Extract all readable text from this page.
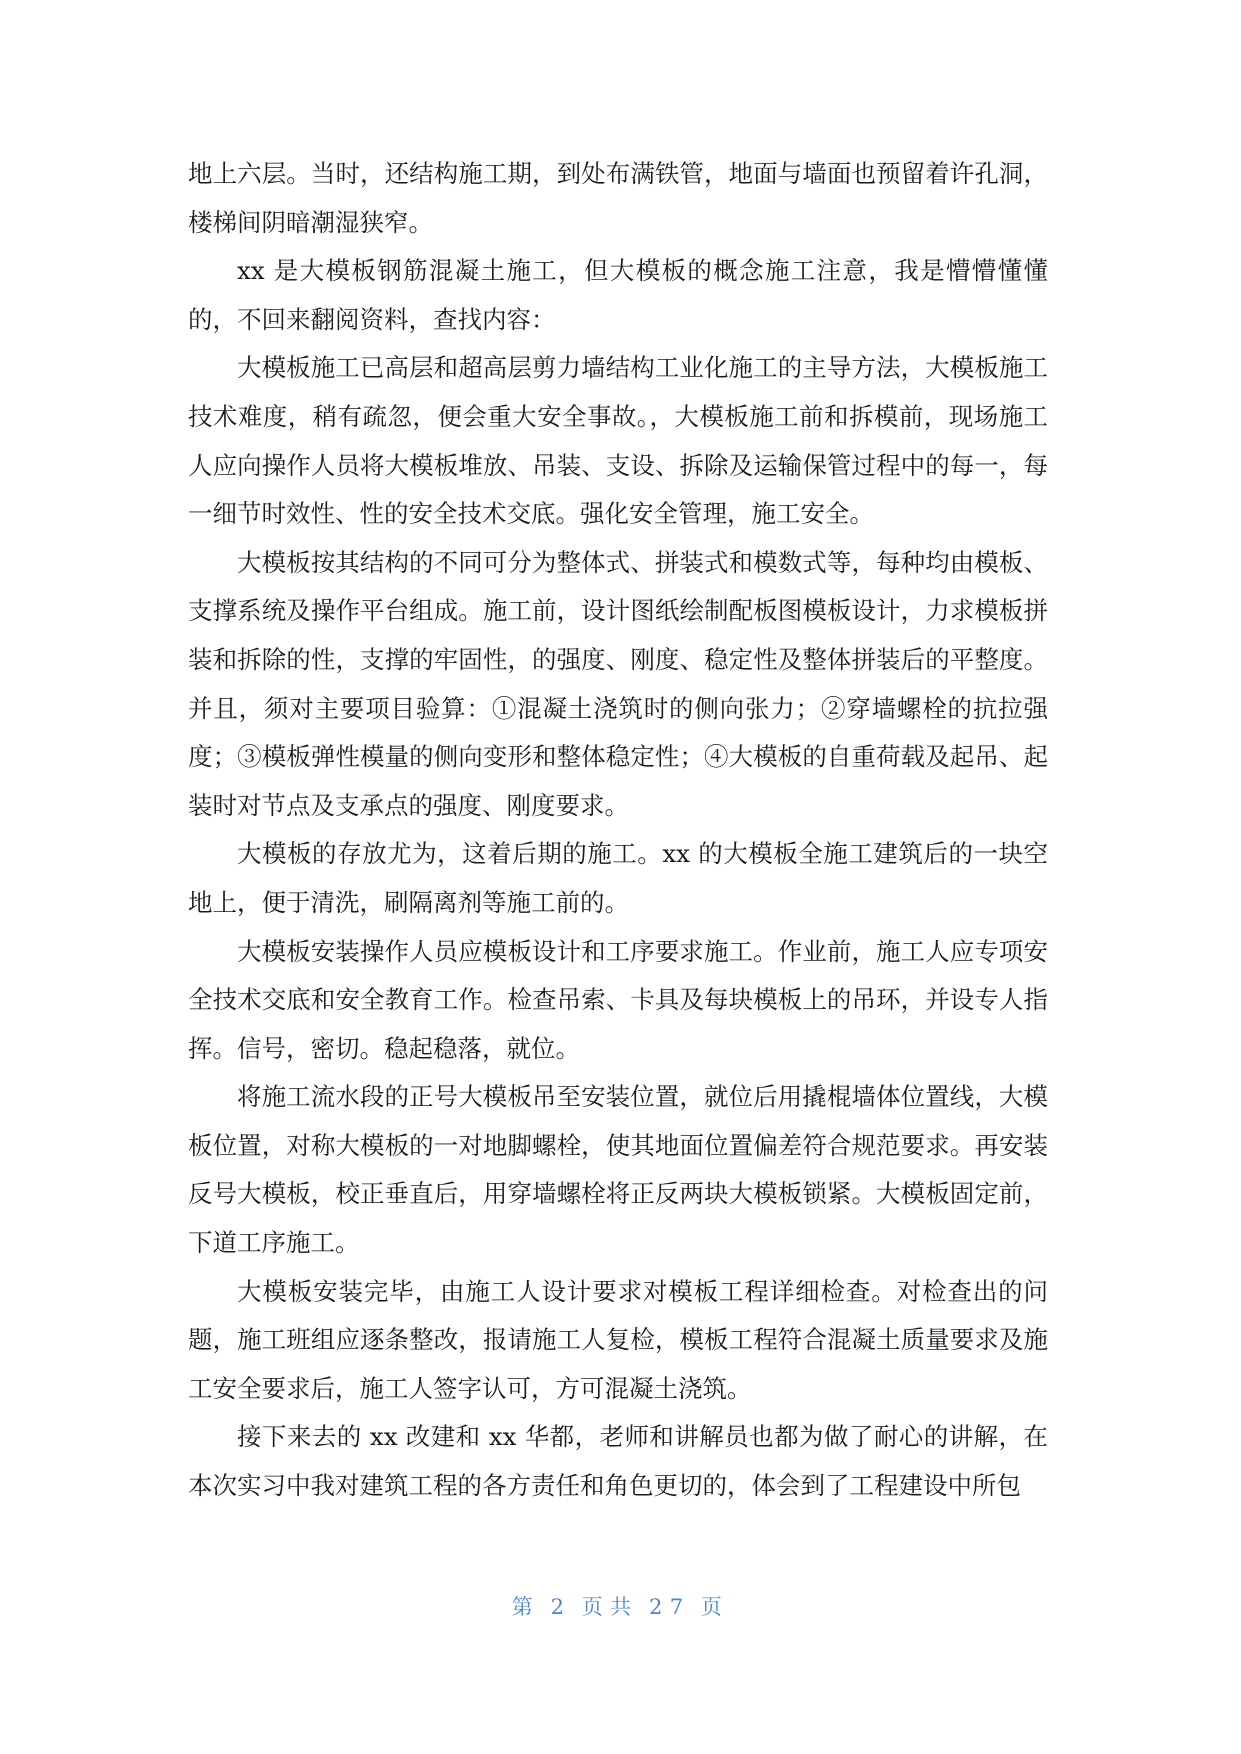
地上六层。当时，还结构施工期，到处布满铁管，地面与墙面也预留着许孔洞，楼梯间阴暗潮湿狭窄。

xx 是大模板钢筋混凝土施工，但大模板的概念施工注意，我是懵懵懂懂的，不回来翻阅资料，查找内容：

大模板施工已高层和超高层剪力墙结构工业化施工的主导方法，大模板施工技术难度，稍有疏忽，便会重大安全事故。，大模板施工前和拆模前，现场施工人应向操作人员将大模板堆放、吊装、支设、拆除及运输保管过程中的每一，每一细节时效性、性的安全技术交底。强化安全管理，施工安全。

大模板按其结构的不同可分为整体式、拼装式和模数式等，每种均由模板、支撑系统及操作平台组成。施工前，设计图纸绘制配板图模板设计，力求模板拼装和拆除的性，支撑的牢固性，的强度、刚度、稳定性及整体拼装后的平整度。并且，须对主要项目验算：①混凝土浇筑时的侧向张力；②穿墙螺栓的抗拉强度；③模板弹性模量的侧向变形和整体稳定性；④大模板的自重荷载及起吊、起装时对节点及支承点的强度、刚度要求。

大模板的存放尤为，这着后期的施工。xx 的大模板全施工建筑后的一块空地上，便于清洗，刷隔离剂等施工前的。

大模板安装操作人员应模板设计和工序要求施工。作业前，施工人应专项安全技术交底和安全教育工作。检查吊索、卡具及每块模板上的吊环，并设专人指挥。信号，密切。稳起稳落，就位。

将施工流水段的正号大模板吊至安装位置，就位后用撬棍墙体位置线，大模板位置，对称大模板的一对地脚螺栓，使其地面位置偏差符合规范要求。再安装反号大模板，校正垂直后，用穿墙螺栓将正反两块大模板锁紧。大模板固定前，下道工序施工。

大模板安装完毕，由施工人设计要求对模板工程详细检查。对检查出的问题，施工班组应逐条整改，报请施工人复检，模板工程符合混凝土质量要求及施工安全要求后，施工人签字认可，方可混凝土浇筑。

接下来去的 xx 改建和 xx 华都，老师和讲解员也都为做了耐心的讲解，在本次实习中我对建筑工程的各方责任和角色更切的，体会到了工程建设中所包

第 2 页共 27 页
